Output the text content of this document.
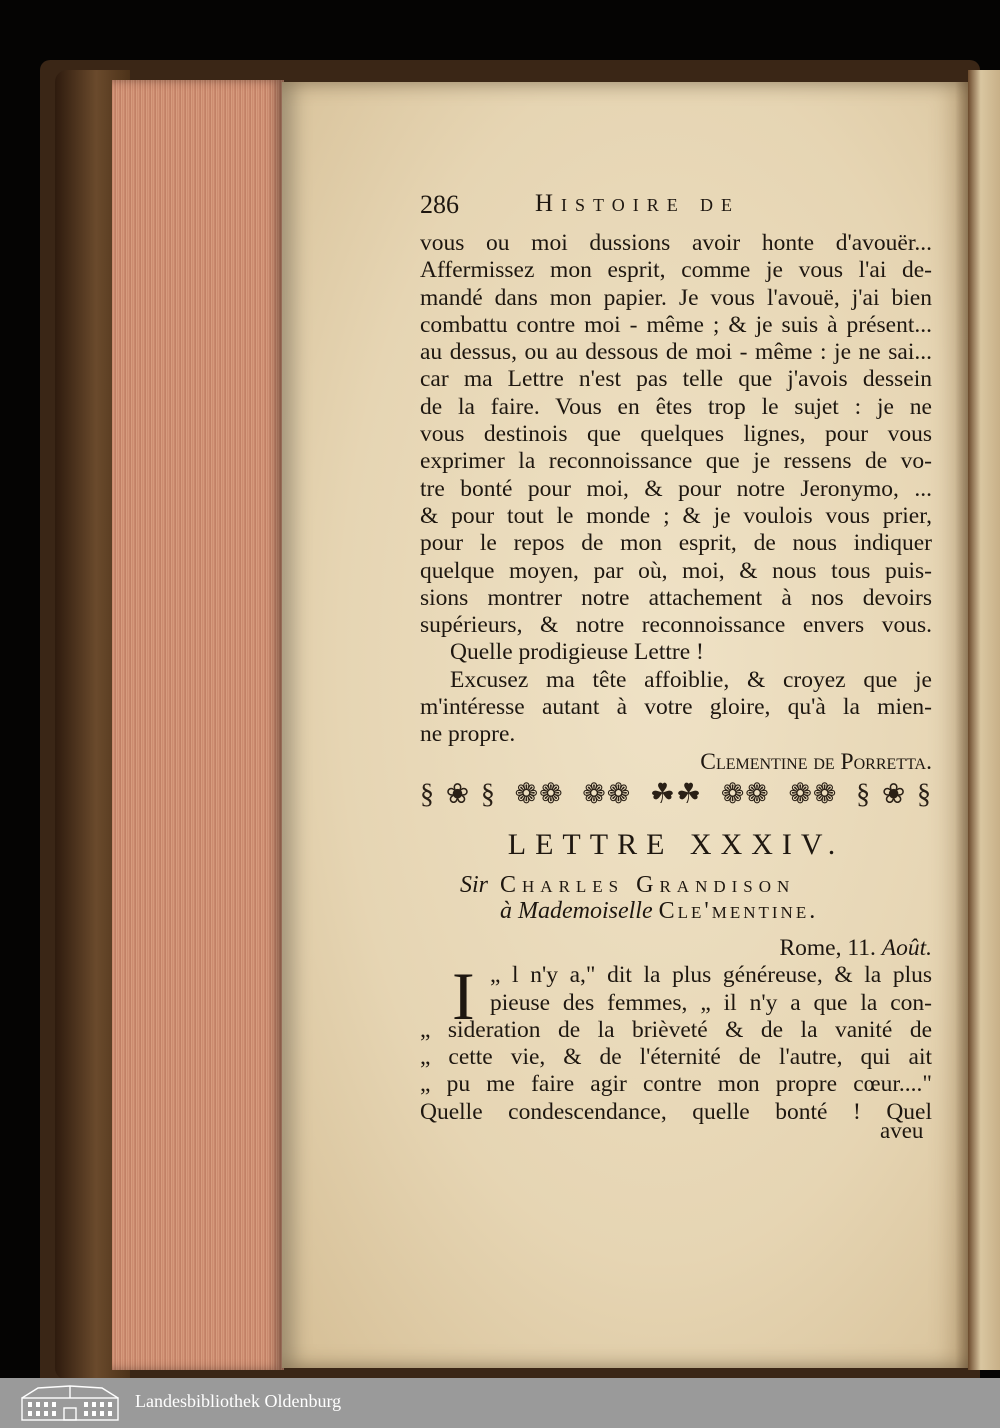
286	Histoire de
vous ou moi dussions avoir honte d'avouër...
Affermissez mon esprit, comme je vous l'ai de-
mandé dans mon papier. Je vous l'avouë, j'ai bien
combattu contre moi - même ; & je suis à présent...
au dessus, ou au dessous de moi - même : je ne sai...
car ma Lettre n'est pas telle que j'avois dessein
de la faire. Vous en êtes trop le sujet : je ne
vous destinois que quelques lignes, pour vous
exprimer la reconnoissance que je ressens de vo-
tre bonté pour moi, & pour notre Jeronymo, ...
& pour tout le monde ; & je voulois vous prier,
pour le repos de mon esprit, de nous indiquer
quelque moyen, par où, moi, & nous tous puis-
sions montrer notre attachement à nos devoirs
supérieurs, & notre reconnoissance envers vous.
Quelle prodigieuse Lettre !
Excusez ma tête affoiblie, & croyez que je
m'intéresse autant à votre gloire, qu'à la mien-
ne propre.
Clementine de Porretta.
§❀§ ❁❁ ❁❁ ☘☘ ❁❁ ❁❁ §❀§
LETTRE XXXIV.
Sir Charles Grandison
à Mademoiselle Cle'mentine.
Rome, 11. Août.
„ l n'y a," dit la plus généreuse, & la plus
pieuse des femmes, „ il n'y a que la con-
„ sideration de la brièveté & de la vanité de
„ cette vie, & de l'éternité de l'autre, qui ait
„ pu me faire agir contre mon propre cœur...."
Quelle condescendance, quelle bonté ! Quel
I
aveu
Landesbibliothek Oldenburg
